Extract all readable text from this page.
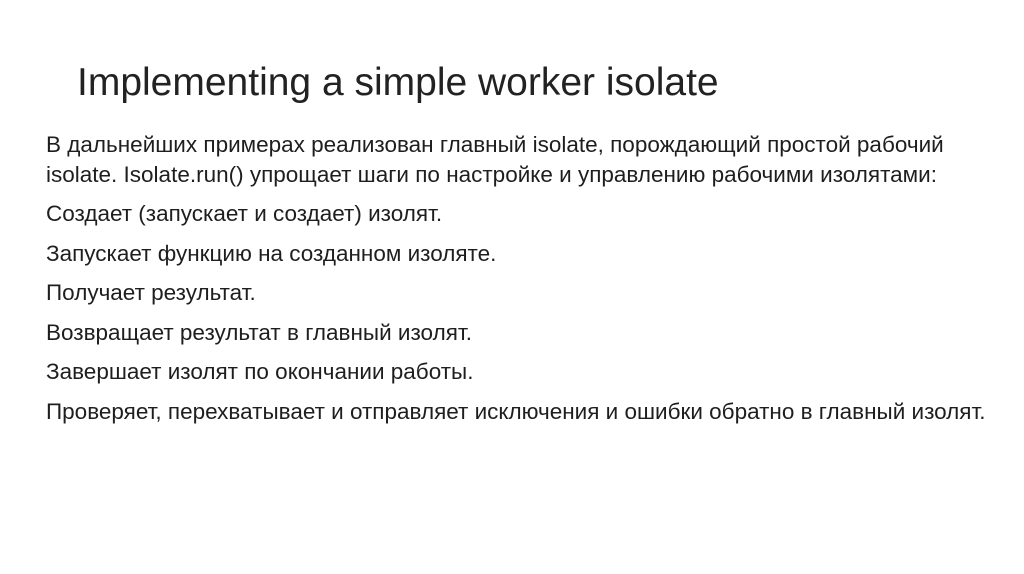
Implementing a simple worker isolate
В дальнейших примерах реализован главный isolate, порождающий простой рабочий isolate. Isolate.run() упрощает шаги по настройке и управлению рабочими изолятами:
Создает (запускает и создает) изолят.
Запускает функцию на созданном изоляте.
Получает результат.
Возвращает результат в главный изолят.
Завершает изолят по окончании работы.
Проверяет, перехватывает и отправляет исключения и ошибки обратно в главный изолят.
